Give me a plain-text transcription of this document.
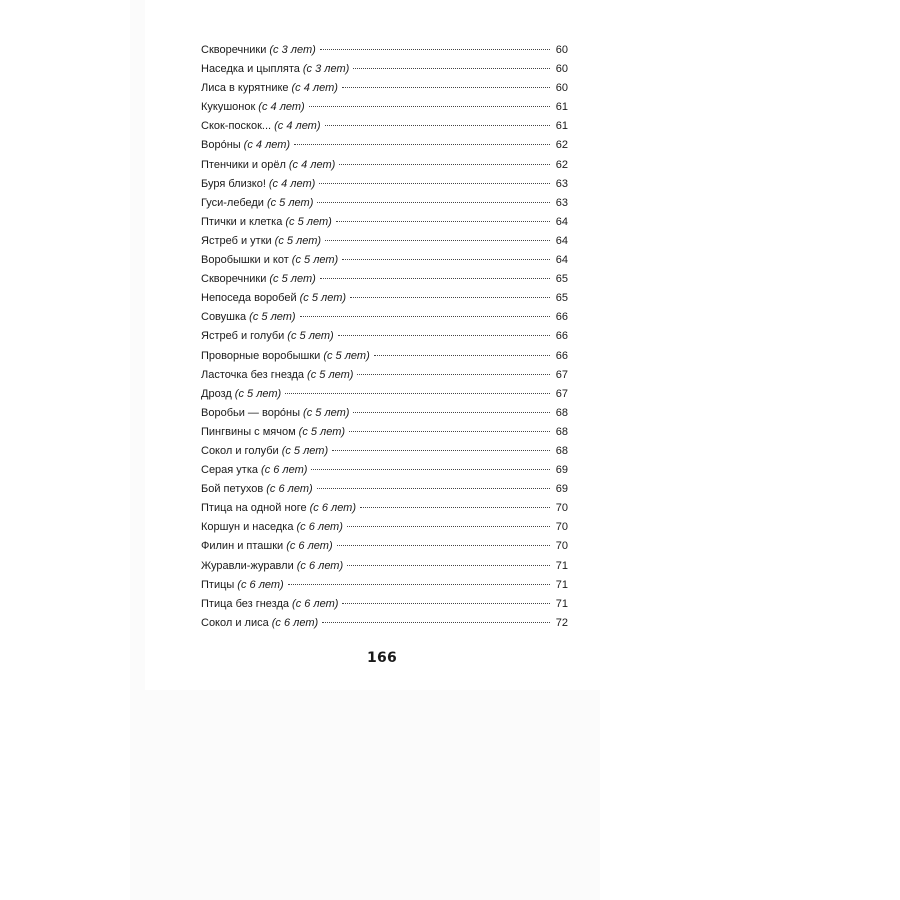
Скворечники (с 3 лет)	60
Наседка и цыплята (с 3 лет)	60
Лиса в курятнике (с 4 лет)	60
Кукушонок (с 4 лет)	61
Скок-поскок... (с 4 лет)	61
Воро́ны (с 4 лет)	62
Птенчики и орёл (с 4 лет)	62
Буря близко! (с 4 лет)	63
Гуси-лебеди (с 5 лет)	63
Птички и клетка (с 5 лет)	64
Ястреб и утки (с 5 лет)	64
Воробышки и кот (с 5 лет)	64
Скворечники (с 5 лет)	65
Непоседа воробей (с 5 лет)	65
Совушка (с 5 лет)	66
Ястреб и голуби (с 5 лет)	66
Проворные воробышки (с 5 лет)	66
Ласточка без гнезда (с 5 лет)	67
Дрозд (с 5 лет)	67
Воробьи — воро́ны (с 5 лет)	68
Пингвины с мячом (с 5 лет)	68
Сокол и голуби (с 5 лет)	68
Серая утка (с 6 лет)	69
Бой петухов (с 6 лет)	69
Птица на одной ноге (с 6 лет)	70
Коршун и наседка (с 6 лет)	70
Филин и пташки (с 6 лет)	70
Журавли-журавли (с 6 лет)	71
Птицы (с 6 лет)	71
Птица без гнезда (с 6 лет)	71
Сокол и лиса (с 6 лет)	72
166
